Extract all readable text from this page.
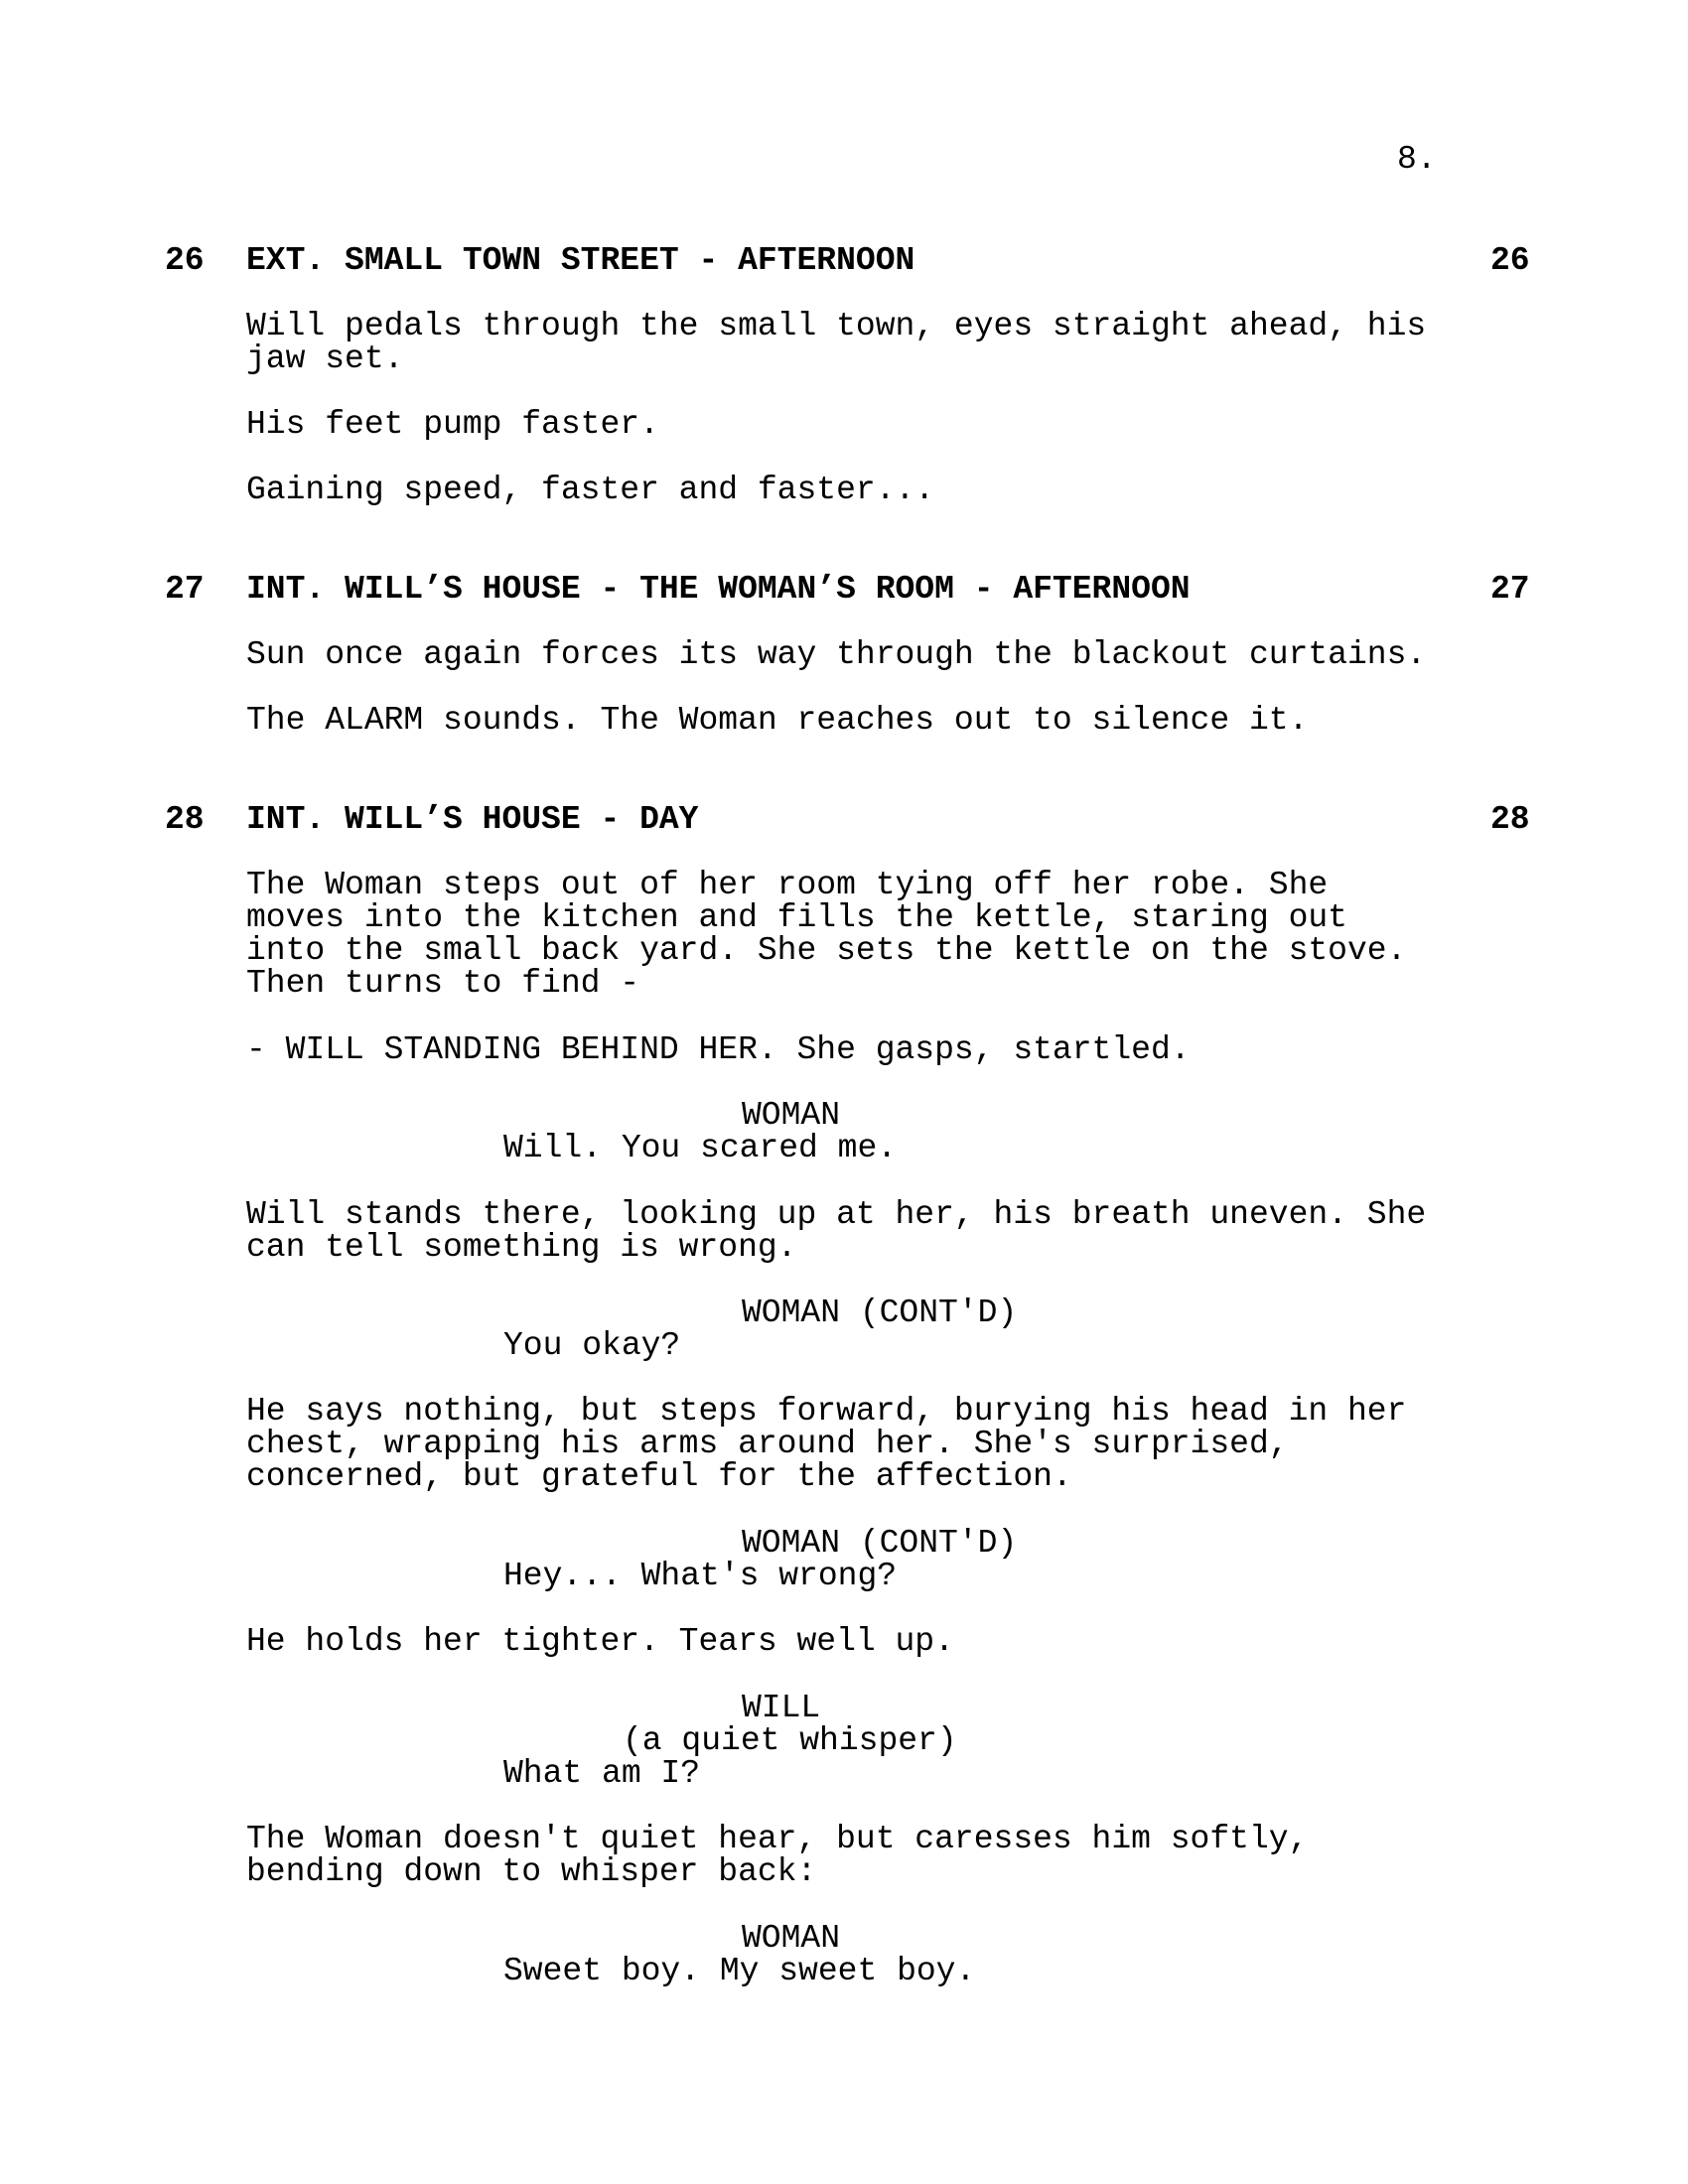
8.
26 EXT. SMALL TOWN STREET - AFTERNOON	26
Will pedals through the small town, eyes straight ahead, his
jaw set.
His feet pump faster.
Gaining speed, faster and faster...
27 INT. WILL’S HOUSE - THE WOMAN’S ROOM - AFTERNOON	27
Sun once again forces its way through the blackout curtains.
The ALARM sounds. The Woman reaches out to silence it.
28 INT. WILL’S HOUSE - DAY	28
The Woman steps out of her room tying off her robe. She
moves into the kitchen and fills the kettle, staring out
into the small back yard. She sets the kettle on the stove.
Then turns to find -
- WILL STANDING BEHIND HER. She gasps, startled.
WOMAN
Will. You scared me.
Will stands there, looking up at her, his breath uneven. She
can tell something is wrong.
WOMAN (CONT'D)
You okay?
He says nothing, but steps forward, burying his head in her
chest, wrapping his arms around her. She's surprised,
concerned, but grateful for the affection.
WOMAN (CONT'D)
Hey... What's wrong?
He holds her tighter. Tears well up.
WILL
(a quiet whisper)
What am I?
The Woman doesn't quiet hear, but caresses him softly,
bending down to whisper back:
WOMAN
Sweet boy. My sweet boy.
